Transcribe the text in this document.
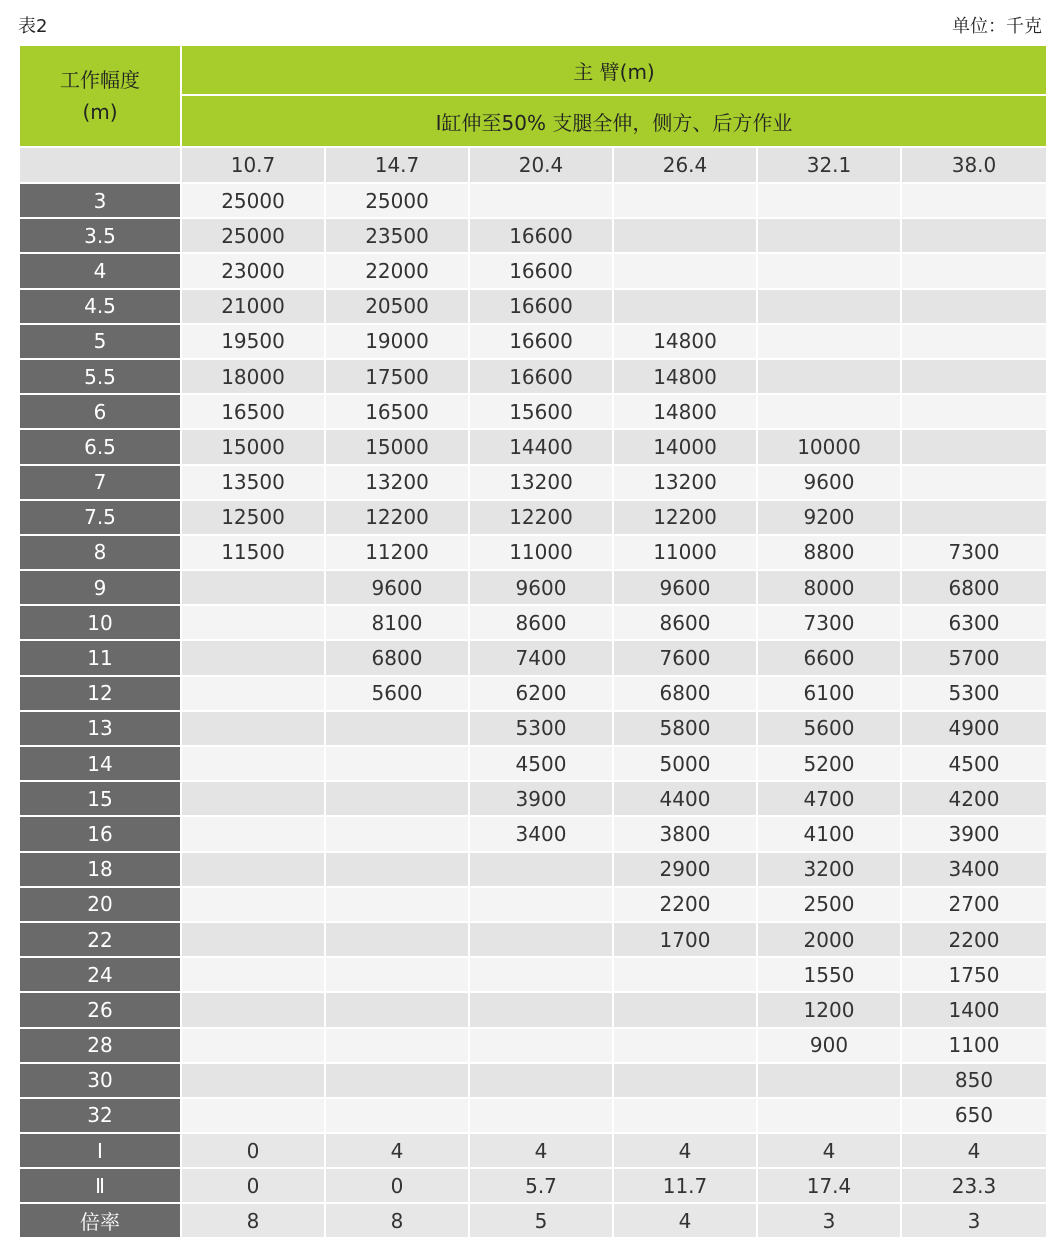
表2	单位：千克
工作幅度
(m)	主 臂(m)					
	Ⅰ缸伸至50% 支腿全伸，侧方、后方作业					
	10.7	14.7	20.4	26.4	32.1	38.0
3	25000	25000				
3.5	25000	23500	16600			
4	23000	22000	16600			
4.5	21000	20500	16600			
5	19500	19000	16600	14800		
5.5	18000	17500	16600	14800		
6	16500	16500	15600	14800		
6.5	15000	15000	14400	14000	10000	
7	13500	13200	13200	13200	9600	
7.5	12500	12200	12200	12200	9200	
8	11500	11200	11000	11000	8800	7300
9		9600	9600	9600	8000	6800
10		8100	8600	8600	7300	6300
11		6800	7400	7600	6600	5700
12		5600	6200	6800	6100	5300
13			5300	5800	5600	4900
14			4500	5000	5200	4500
15			3900	4400	4700	4200
16			3400	3800	4100	3900
18				2900	3200	3400
20				2200	2500	2700
22				1700	2000	2200
24					1550	1750
26					1200	1400
28					900	1100
30						850
32						650
Ⅰ	0	4	4	4	4	4
Ⅱ	0	0	5.7	11.7	17.4	23.3
倍率	8	8	5	4	3	3
